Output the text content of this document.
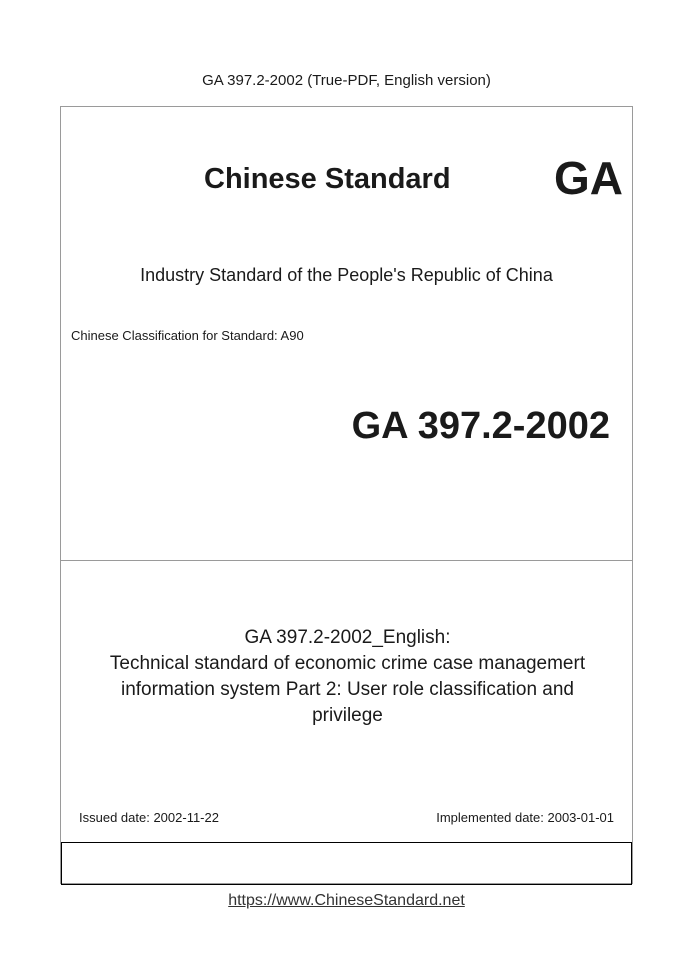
GA 397.2-2002 (True-PDF, English version)
Chinese Standard GA
Industry Standard of the People's Republic of China
Chinese Classification for Standard: A90
GA 397.2-2002
GA 397.2-2002_English:
Technical standard of economic crime case managemert
information system Part 2: User role classification and
privilege
Issued date: 2002-11-22	Implemented date: 2003-01-01
https://www.ChineseStandard.net
